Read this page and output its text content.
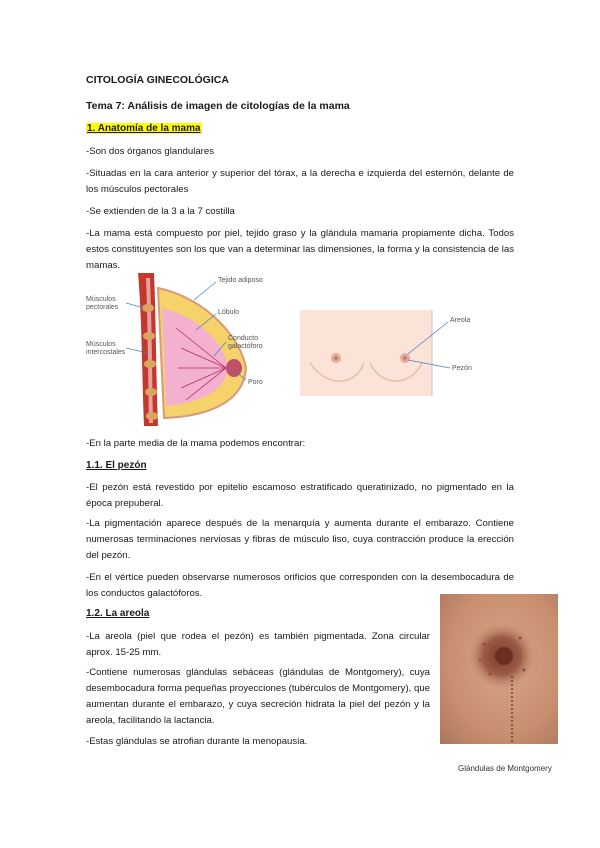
CITOLOGÍA GINECOLÓGICA
Tema 7: Análisis de imagen de citologías de la mama
1. Anatomía de la mama

-Son dos órganos glandulares

-Situadas en la cara anterior y superior del tórax, a la derecha e izquierda del esternón, delante de los músculos pectorales

-Se extienden de la 3 a la 7 costilla

-La mama está compuesto por piel, tejido graso y la glándula mamaria propiamente dicha. Todos estos constituyentes son los que van a determinar las dimensiones, la forma y la consistencia de las mamas.

Músculos
pectorales
Músculos
intercostales
Tejido adiposo
Lóbulo
Conducto
galactóforo
Poro
Areola
Pezón

-En la parte media de la mama podemos encontrar:

1.1. El pezón

-El pezón está revestido por epitelio escamoso estratificado queratinizado, no pigmentado en la época prepuberal.

-La pigmentación aparece después de la menarquía y aumenta durante el embarazo. Contiene numerosas terminaciones nerviosas y fibras de músculo liso, cuya contracción produce la erección del pezón.

-En el vértice pueden observarse numerosos orificios que corresponden con la desembocadura de los conductos galactóforos.

1.2. La areola

-La areola (piel que rodea el pezón) es también pigmentada. Zona circular aprox. 15-25 mm.

-Contiene numerosas glándulas sebáceas (glándulas de Montgomery), cuya desembocadura forma pequeñas proyecciones (tubérculos de Montgomery), que aumentan durante el embarazo, y cuya secreción hidrata la piel del pezón y la areola, facilitando la lactancia.

-Estas glándulas se atrofian durante la menopausia.

Glándulas de Montgomery
